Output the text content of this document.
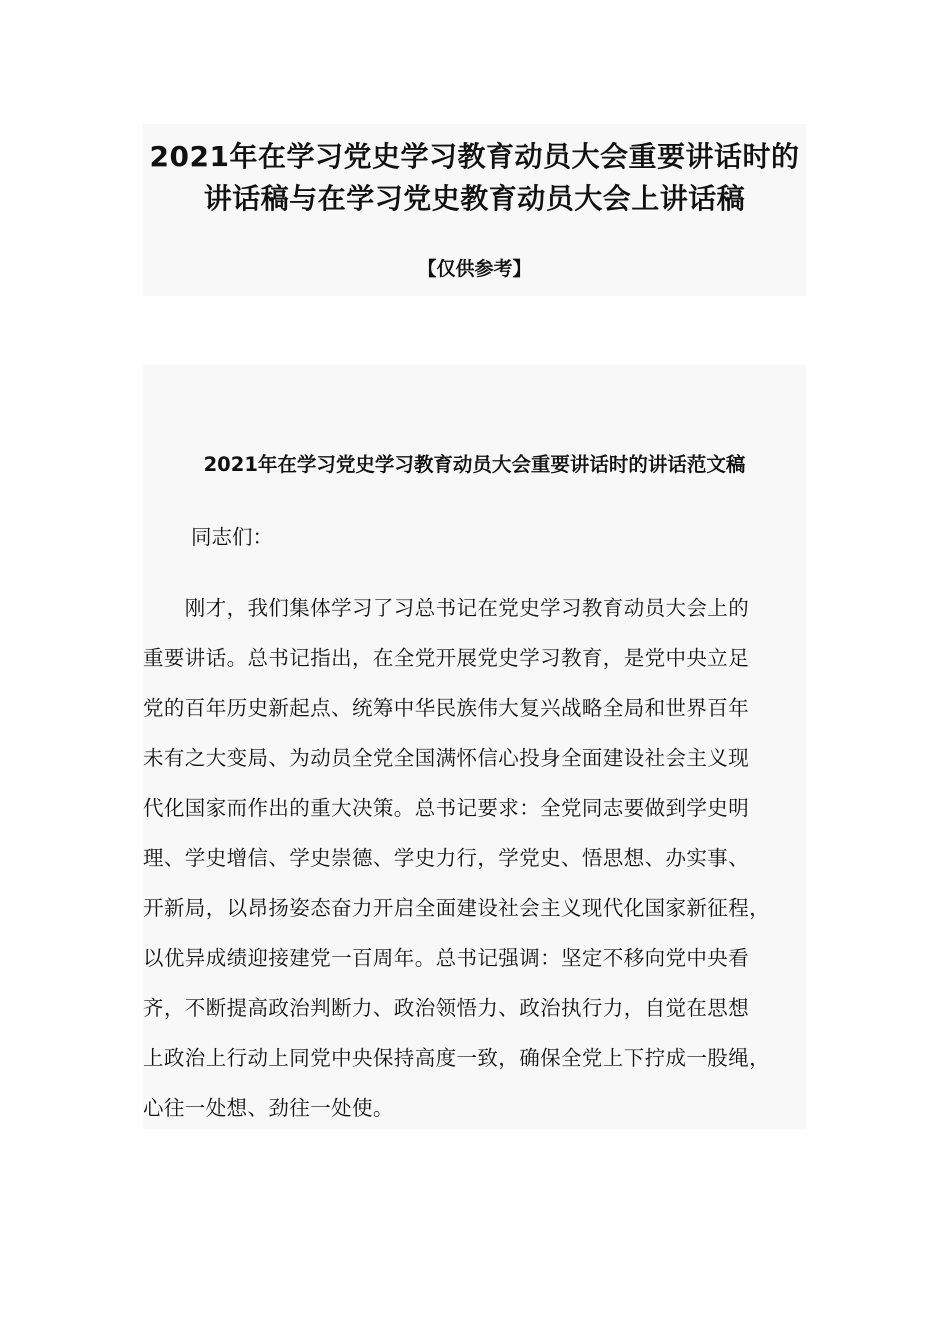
2021年在学习党史学习教育动员大会重要讲话时的
讲话稿与在学习党史教育动员大会上讲话稿
【仅供参考】
2021年在学习党史学习教育动员大会重要讲话时的讲话范文稿
同志们：
　　刚才，我们集体学习了习总书记在党史学习教育动员大会上的
重要讲话。总书记指出，在全党开展党史学习教育，是党中央立足
党的百年历史新起点、统筹中华民族伟大复兴战略全局和世界百年
未有之大变局、为动员全党全国满怀信心投身全面建设社会主义现
代化国家而作出的重大决策。总书记要求：全党同志要做到学史明
理、学史增信、学史崇德、学史力行，学党史、悟思想、办实事、
开新局，以昂扬姿态奋力开启全面建设社会主义现代化国家新征程，
以优异成绩迎接建党一百周年。总书记强调：坚定不移向党中央看
齐，不断提高政治判断力、政治领悟力、政治执行力，自觉在思想
上政治上行动上同党中央保持高度一致，确保全党上下拧成一股绳，
心往一处想、劲往一处使。
